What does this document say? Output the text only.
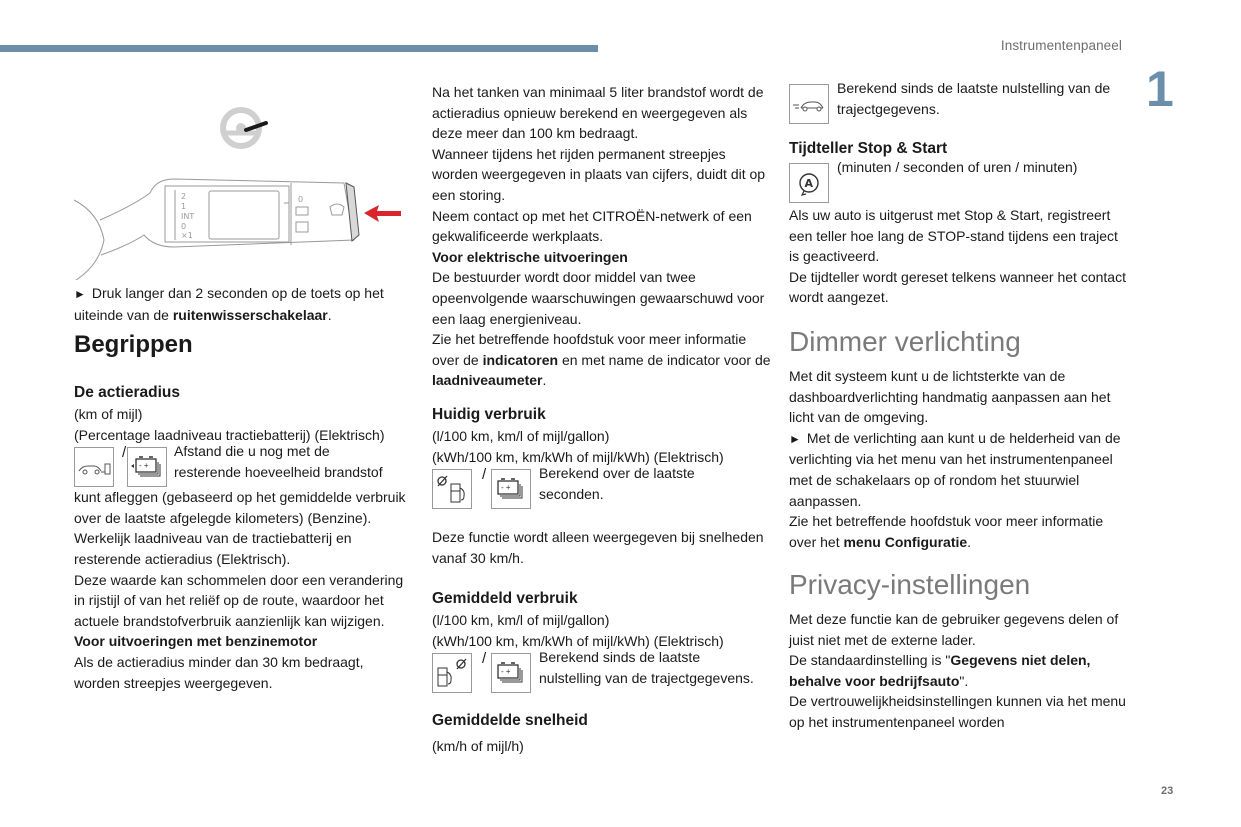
Instrumentenpaneel
1
2
1
INT
0
×1
0

► Druk langer dan 2 seconden op de toets op het uiteinde van de ruitenwisserschakelaar.

Begrippen
De actieradius

(km of mijl)

(Percentage laadniveau tractiebatterij) (Elektrisch)

/
- +
Afstand die u nog met de
resterende hoeveelheid brandstof

kunt afleggen (gebaseerd op het gemiddelde verbruik over de laatste afgelegde kilometers) (Benzine).

Werkelijk laadniveau van de tractiebatterij en resterende actieradius (Elektrisch).

Deze waarde kan schommelen door een verandering in rijstijl of van het reliëf op de route, waardoor het actuele brandstofverbruik aanzienlijk kan wijzigen.

Voor uitvoeringen met benzinemotor

Als de actieradius minder dan 30 km bedraagt, worden streepjes weergegeven.

Na het tanken van minimaal 5 liter brandstof wordt de actieradius opnieuw berekend en weergegeven als deze meer dan 100 km bedraagt.

Wanneer tijdens het rijden permanent streepjes worden weergegeven in plaats van cijfers, duidt dit op een storing.

Neem contact op met het CITROËN-netwerk of een gekwalificeerde werkplaats.

Voor elektrische uitvoeringen

De bestuurder wordt door middel van twee opeenvolgende waarschuwingen gewaarschuwd voor een laag energieniveau.

Zie het betreffende hoofdstuk voor meer informatie over de indicatoren en met name de indicator voor de laadniveaumeter.

Huidig verbruik

(l/100 km, km/l of mijl/gallon)

(kWh/100 km, km/kWh of mijl/kWh) (Elektrisch)

/
- +
Berekend over de laatste seconden.

Deze functie wordt alleen weergegeven bij snelheden vanaf 30 km/h.

Gemiddeld verbruik

(l/100 km, km/l of mijl/gallon)

(kWh/100 km, km/kWh of mijl/kWh) (Elektrisch)

/
- +
Berekend sinds de laatste
nulstelling van de trajectgegevens.
Gemiddelde snelheid

(km/h of mijl/h)

Berekend sinds de laatste nulstelling van de trajectgegevens.
Tijdteller Stop & Start
A
(minuten / seconden of uren / minuten)

Als uw auto is uitgerust met Stop & Start, registreert een teller hoe lang de STOP-stand tijdens een traject is geactiveerd.

De tijdteller wordt gereset telkens wanneer het contact wordt aangezet.

Dimmer verlichting

Met dit systeem kunt u de lichtsterkte van de dashboardverlichting handmatig aanpassen aan het licht van de omgeving.

► Met de verlichting aan kunt u de helderheid van de verlichting via het menu van het instrumentenpaneel met de schakelaars op of rondom het stuurwiel aanpassen.

Zie het betreffende hoofdstuk voor meer informatie over het menu Configuratie.

Privacy-instellingen

Met deze functie kan de gebruiker gegevens delen of juist niet met de externe lader.

De standaardinstelling is "Gegevens niet delen, behalve voor bedrijfsauto".

De vertrouwelijkheidsinstellingen kunnen via het menu op het instrumentenpaneel worden

23
